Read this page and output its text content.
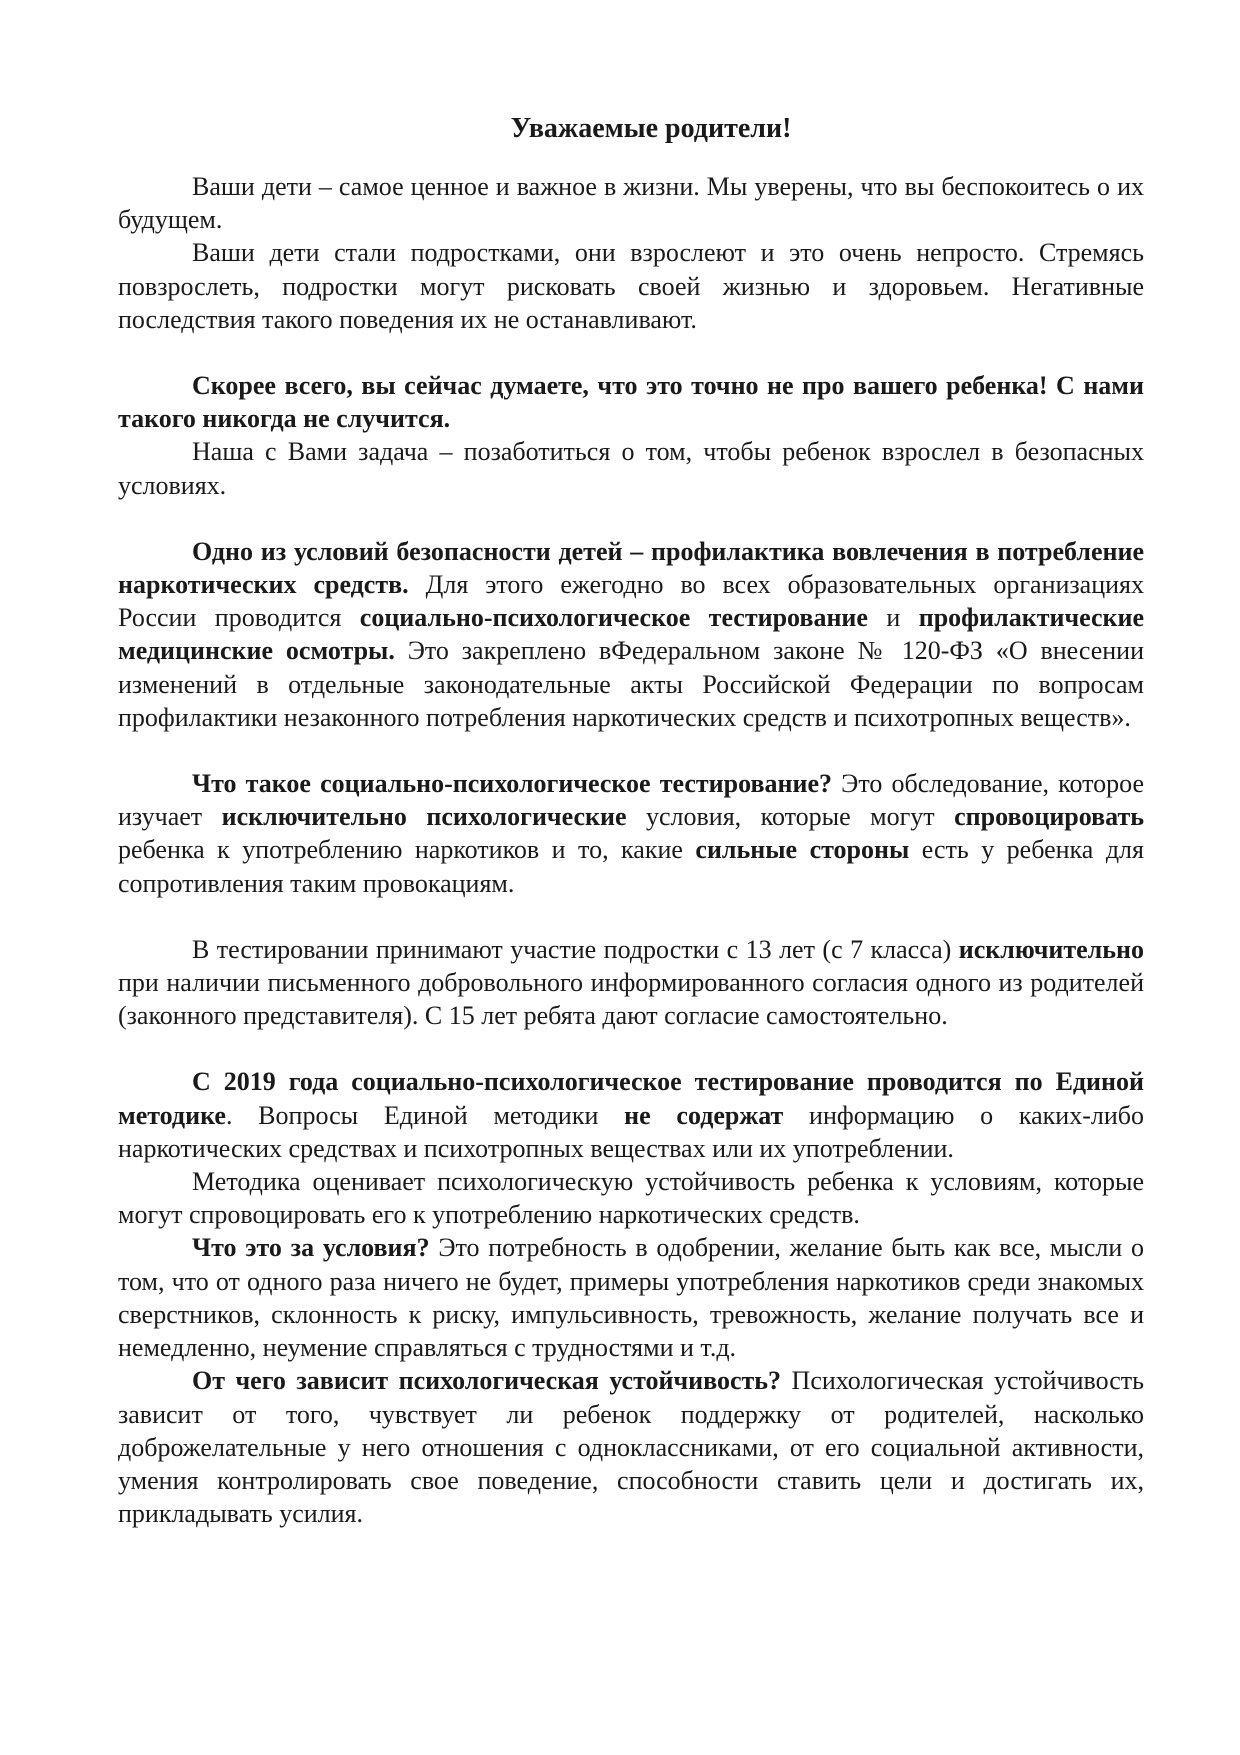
Уважаемые родители!

Ваши дети – самое ценное и важное в жизни. Мы уверены, что вы беспокоитесь о их будущем.

Ваши дети стали подростками, они взрослеют и это очень непросто. Стремясь повзрослеть, подростки могут рисковать своей жизнью и здоровьем. Негативные последствия такого поведения их не останавливают.

Скорее всего, вы сейчас думаете, что это точно не про вашего ребенка! С нами такого никогда не случится.

Наша с Вами задача – позаботиться о том, чтобы ребенок взрослел в безопасных условиях.

Одно из условий безопасности детей – профилактика вовлечения в потребление наркотических средств. Для этого ежегодно во всех образовательных организациях России проводится социально-психологическое тестирование и профилактические медицинские осмотры. Это закреплено вФедеральном законе № 120-ФЗ «О внесении изменений в отдельные законодательные акты Российской Федерации по вопросам профилактики незаконного потребления наркотических средств и психотропных веществ».

Что такое социально-психологическое тестирование? Это обследование, которое изучает исключительно психологические условия, которые могут спровоцировать ребенка к употреблению наркотиков и то, какие сильные стороны есть у ребенка для сопротивления таким провокациям.

В тестировании принимают участие подростки с 13 лет (с 7 класса) исключительно при наличии письменного добровольного информированного согласия одного из родителей (законного представителя). С 15 лет ребята дают согласие самостоятельно.

С 2019 года социально-психологическое тестирование проводится по Единой методике. Вопросы Единой методики не содержат информацию о каких-либо наркотических средствах и психотропных веществах или их употреблении.

Методика оценивает психологическую устойчивость ребенка к условиям, которые могут спровоцировать его к употреблению наркотических средств.

Что это за условия? Это потребность в одобрении, желание быть как все, мысли о том, что от одного раза ничего не будет, примеры употребления наркотиков среди знакомых сверстников, склонность к риску, импульсивность, тревожность, желание получать все и немедленно, неумение справляться с трудностями и т.д.

От чего зависит психологическая устойчивость? Психологическая устойчивость зависит от того, чувствует ли ребенок поддержку от родителей, насколько доброжелательные у него отношения с одноклассниками, от его социальной активности, умения контролировать свое поведение, способности ставить цели и достигать их, прикладывать усилия.
